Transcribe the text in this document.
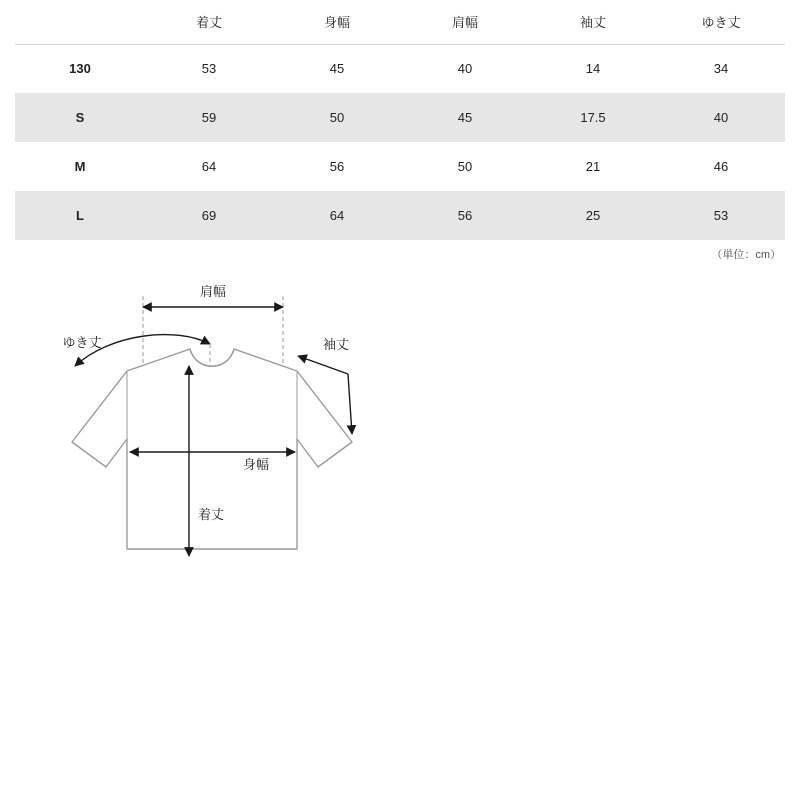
	着丈	身幅	肩幅	袖丈	ゆき丈
130	53	45	40	14	34
S	59	50	45	17.5	40
M	64	56	50	21	46
L	69	64	56	25	53
（単位：cm）
肩幅
ゆき丈	袖丈
身幅
着丈
